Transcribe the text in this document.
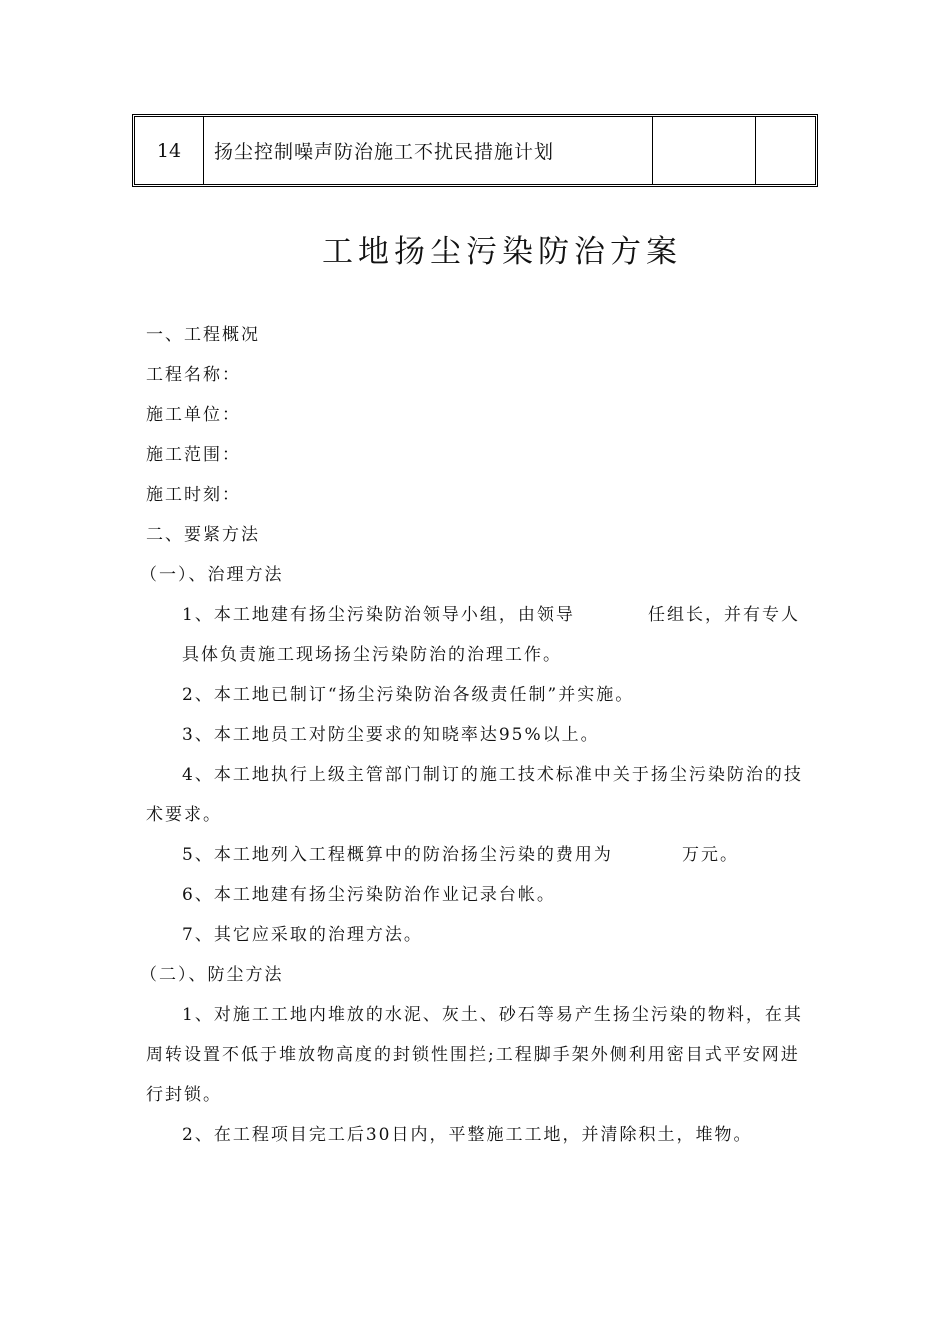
14	扬尘控制噪声防治施工不扰民措施计划		
工地扬尘污染防治方案
一、工程概况
工程名称：
施工单位：
施工范围：
施工时刻：
二、要紧方法
（一）、治理方法
1、本工地建有扬尘污染防治领导小组，由领导	任组长，并有专人
具体负责施工现场扬尘污染防治的治理工作。
2、本工地已制订“扬尘污染防治各级责任制”并实施。
3、本工地员工对防尘要求的知晓率达95%以上。
4、本工地执行上级主管部门制订的施工技术标准中关于扬尘污染防治的技
术要求。
5、本工地列入工程概算中的防治扬尘污染的费用为	万元。
6、本工地建有扬尘污染防治作业记录台帐。
7、其它应采取的治理方法。
（二）、防尘方法
1、对施工工地内堆放的水泥、灰土、砂石等易产生扬尘污染的物料，在其
周转设置不低于堆放物高度的封锁性围拦;工程脚手架外侧利用密目式平安网进
行封锁。
2、在工程项目完工后30日内，平整施工工地，并清除积土，堆物。
